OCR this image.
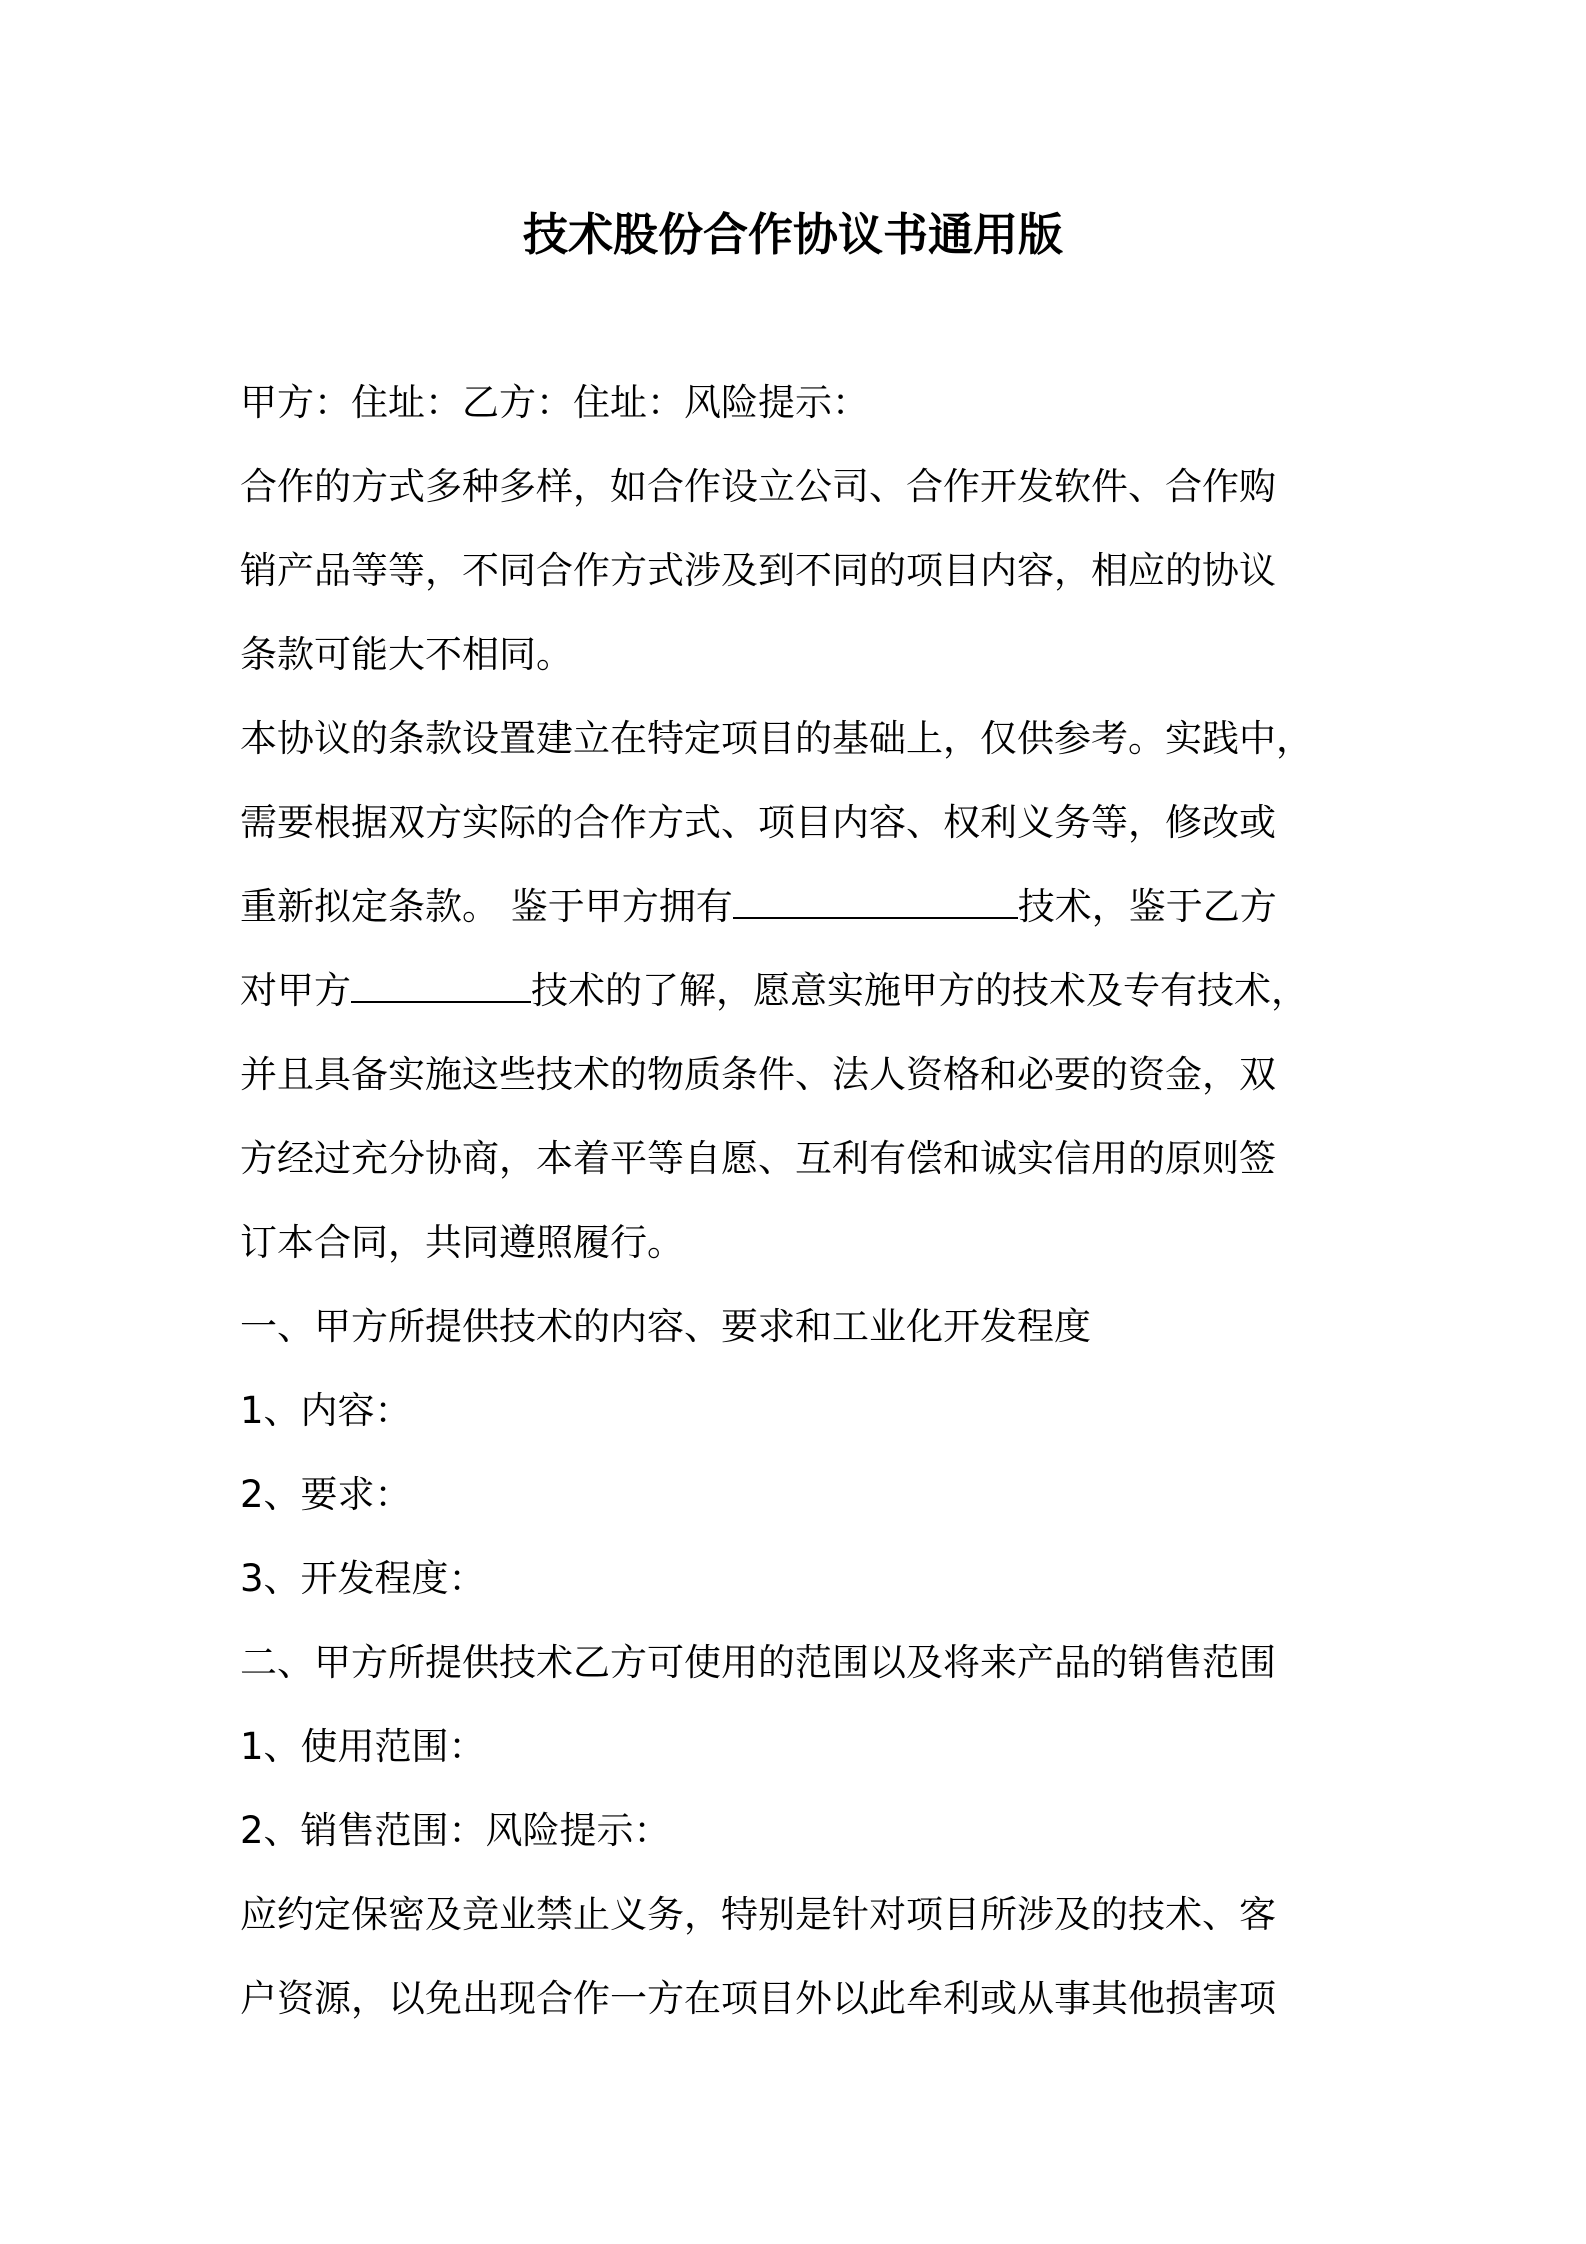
技术股份合作协议书通用版
甲方：住址：乙方：住址：风险提示：
合作的方式多种多样，如合作设立公司、合作开发软件、合作购
销产品等等，不同合作方式涉及到不同的项目内容，相应的协议
条款可能大不相同。
本协议的条款设置建立在特定项目的基础上，仅供参考。实践中，
需要根据双方实际的合作方式、项目内容、权利义务等，修改或
重新拟定条款。 鉴于甲方拥有	技术，鉴于乙方
对甲方	技术的了解，愿意实施甲方的技术及专有技术，
并且具备实施这些技术的物质条件、法人资格和必要的资金，双
方经过充分协商，本着平等自愿、互利有偿和诚实信用的原则签
订本合同，共同遵照履行。
一、甲方所提供技术的内容、要求和工业化开发程度
1、内容：
2、要求：
3、开发程度：
二、甲方所提供技术乙方可使用的范围以及将来产品的销售范围
1、使用范围：
2、销售范围：风险提示：
应约定保密及竞业禁止义务，特别是针对项目所涉及的技术、客
户资源，以免出现合作一方在项目外以此牟利或从事其他损害项
